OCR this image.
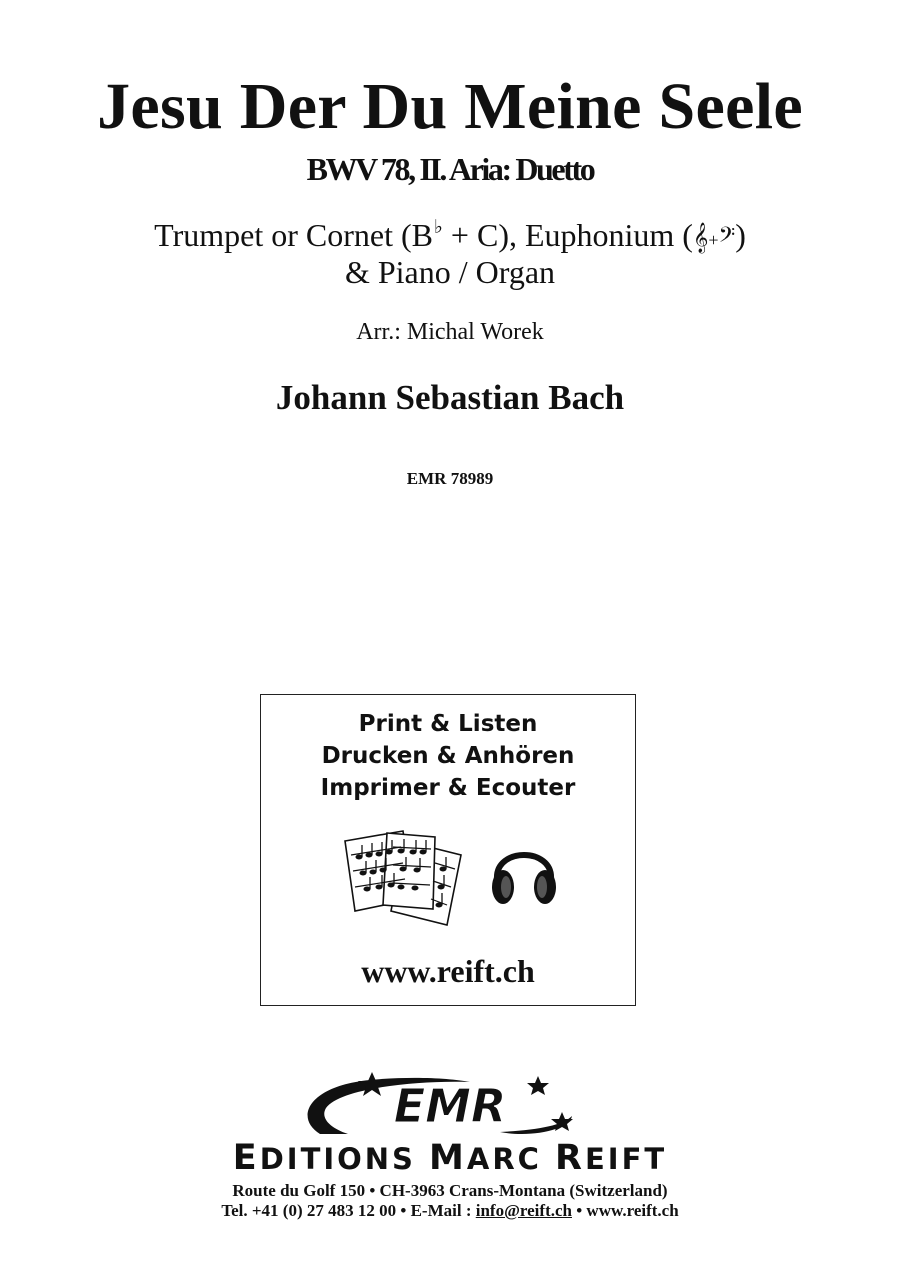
Jesu Der Du Meine Seele
BWV 78, II. Aria: Duetto
Trumpet or Cornet (B♭ + C), Euphonium (𝄞+𝄢)
& Piano / Organ
Arr.: Michal Worek
Johann Sebastian Bach
EMR 78989
Print & Listen
Drucken & Anhören
Imprimer & Ecouter
www.reift.ch
EMR
EDITIONS MARC REIFT
Route du Golf 150 • CH-3963 Crans-Montana (Switzerland)
Tel. +41 (0) 27 483 12 00 • E-Mail : info@reift.ch • www.reift.ch
